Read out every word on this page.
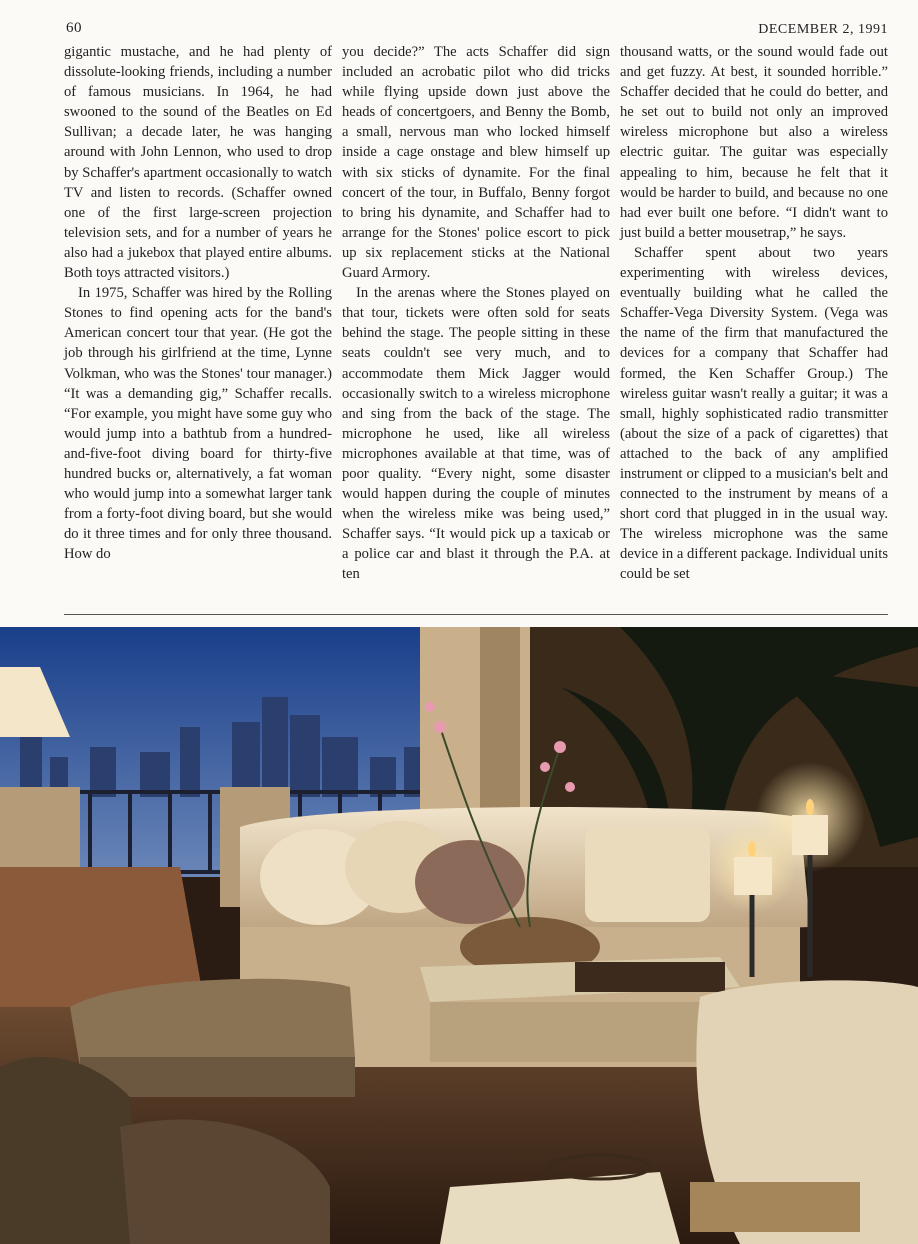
60	DECEMBER 2, 1991

gigantic mustache, and he had plenty of dissolute-looking friends, including a number of famous musicians. In 1964, he had swooned to the sound of the Beatles on Ed Sullivan; a decade later, he was hanging around with John Lennon, who used to drop by Schaffer's apartment occasionally to watch TV and listen to records. (Schaffer owned one of the first large-screen projection television sets, and for a number of years he also had a jukebox that played entire albums. Both toys attracted visitors.)

In 1975, Schaffer was hired by the Rolling Stones to find opening acts for the band's American concert tour that year. (He got the job through his girlfriend at the time, Lynne Volkman, who was the Stones' tour manager.) “It was a demanding gig,” Schaffer recalls. “For example, you might have some guy who would jump into a bathtub from a hundred-and-five-foot diving board for thirty-five hundred bucks or, alternatively, a fat woman who would jump into a somewhat larger tank from a forty-foot diving board, but she would do it three times and for only three thousand. How do

you decide?” The acts Schaffer did sign included an acrobatic pilot who did tricks while flying upside down just above the heads of concertgoers, and Benny the Bomb, a small, nervous man who locked himself inside a cage onstage and blew himself up with six sticks of dynamite. For the final concert of the tour, in Buffalo, Benny forgot to bring his dynamite, and Schaffer had to arrange for the Stones' police escort to pick up six replacement sticks at the National Guard Armory.

In the arenas where the Stones played on that tour, tickets were often sold for seats behind the stage. The people sitting in these seats couldn't see very much, and to accommodate them Mick Jagger would occasionally switch to a wireless microphone and sing from the back of the stage. The microphone he used, like all wireless microphones available at that time, was of poor quality. “Every night, some disaster would happen during the couple of minutes when the wireless mike was being used,” Schaffer says. “It would pick up a taxicab or a police car and blast it through the P.A. at ten

thousand watts, or the sound would fade out and get fuzzy. At best, it sounded horrible.” Schaffer decided that he could do better, and he set out to build not only an improved wireless microphone but also a wireless electric guitar. The guitar was especially appealing to him, because he felt that it would be harder to build, and because no one had ever built one before. “I didn't want to just build a better mousetrap,” he says.

Schaffer spent about two years experimenting with wireless devices, eventually building what he called the Schaffer-Vega Diversity System. (Vega was the name of the firm that manufactured the devices for a company that Schaffer had formed, the Ken Schaffer Group.) The wireless guitar wasn't really a guitar; it was a small, highly sophisticated radio transmitter (about the size of a pack of cigarettes) that attached to the back of any amplified instrument or clipped to a musician's belt and connected to the instrument by means of a short cord that plugged in in the usual way. The wireless microphone was the same device in a different package. Individual units could be set
